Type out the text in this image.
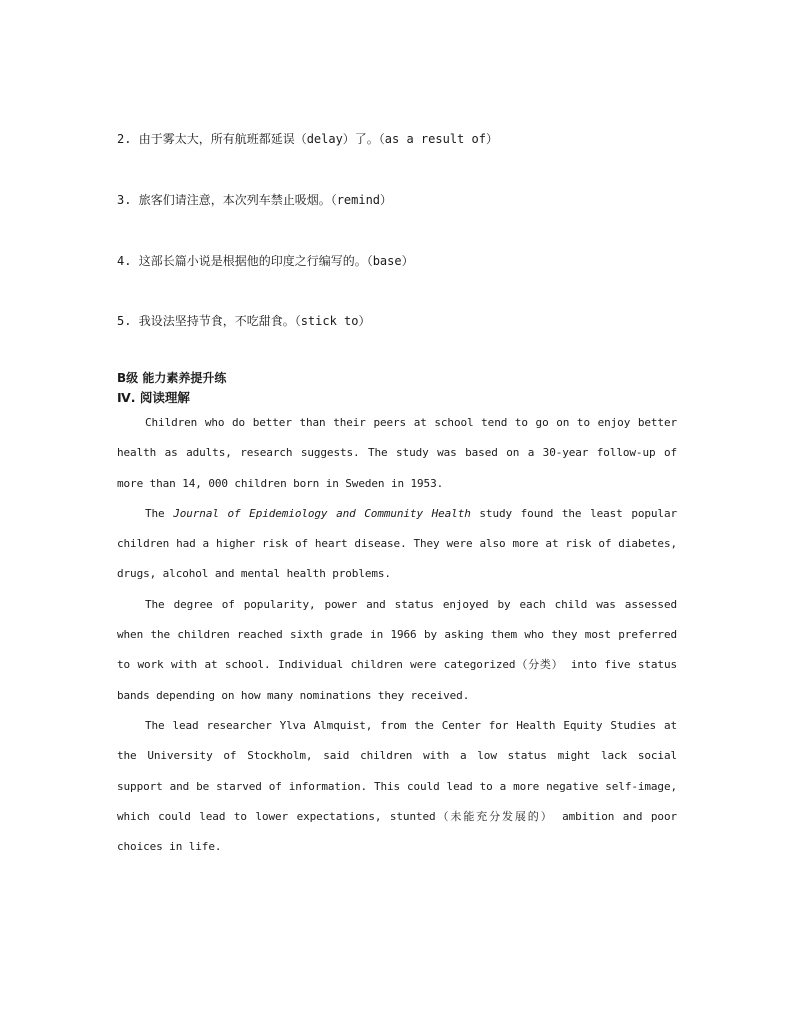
2. 由于雾太大，所有航班都延误（delay）了。（as a result of）
3. 旅客们请注意，本次列车禁止吸烟。（remind）
4. 这部长篇小说是根据他的印度之行编写的。（base）
5. 我设法坚持节食，不吃甜食。（stick to）
B级 能力素养提升练
Ⅳ. 阅读理解

Children who do better than their peers at school tend to go on to enjoy better health as adults, research suggests. The study was based on a 30-year follow-up of more than 14, 000 children born in Sweden in 1953.

The Journal of Epidemiology and Community Health study found the least popular children had a higher risk of heart disease. They were also more at risk of diabetes, drugs, alcohol and mental health problems.

The degree of popularity, power and status enjoyed by each child was assessed when the children reached sixth grade in 1966 by asking them who they most preferred to work with at school. Individual children were categorized（分类） into five status bands depending on how many nominations they received.

The lead researcher Ylva Almquist, from the Center for Health Equity Studies at the University of Stockholm, said children with a low status might lack social support and be starved of information. This could lead to a more negative self-image, which could lead to lower expectations, stunted（未能充分发展的） ambition and poor choices in life.
